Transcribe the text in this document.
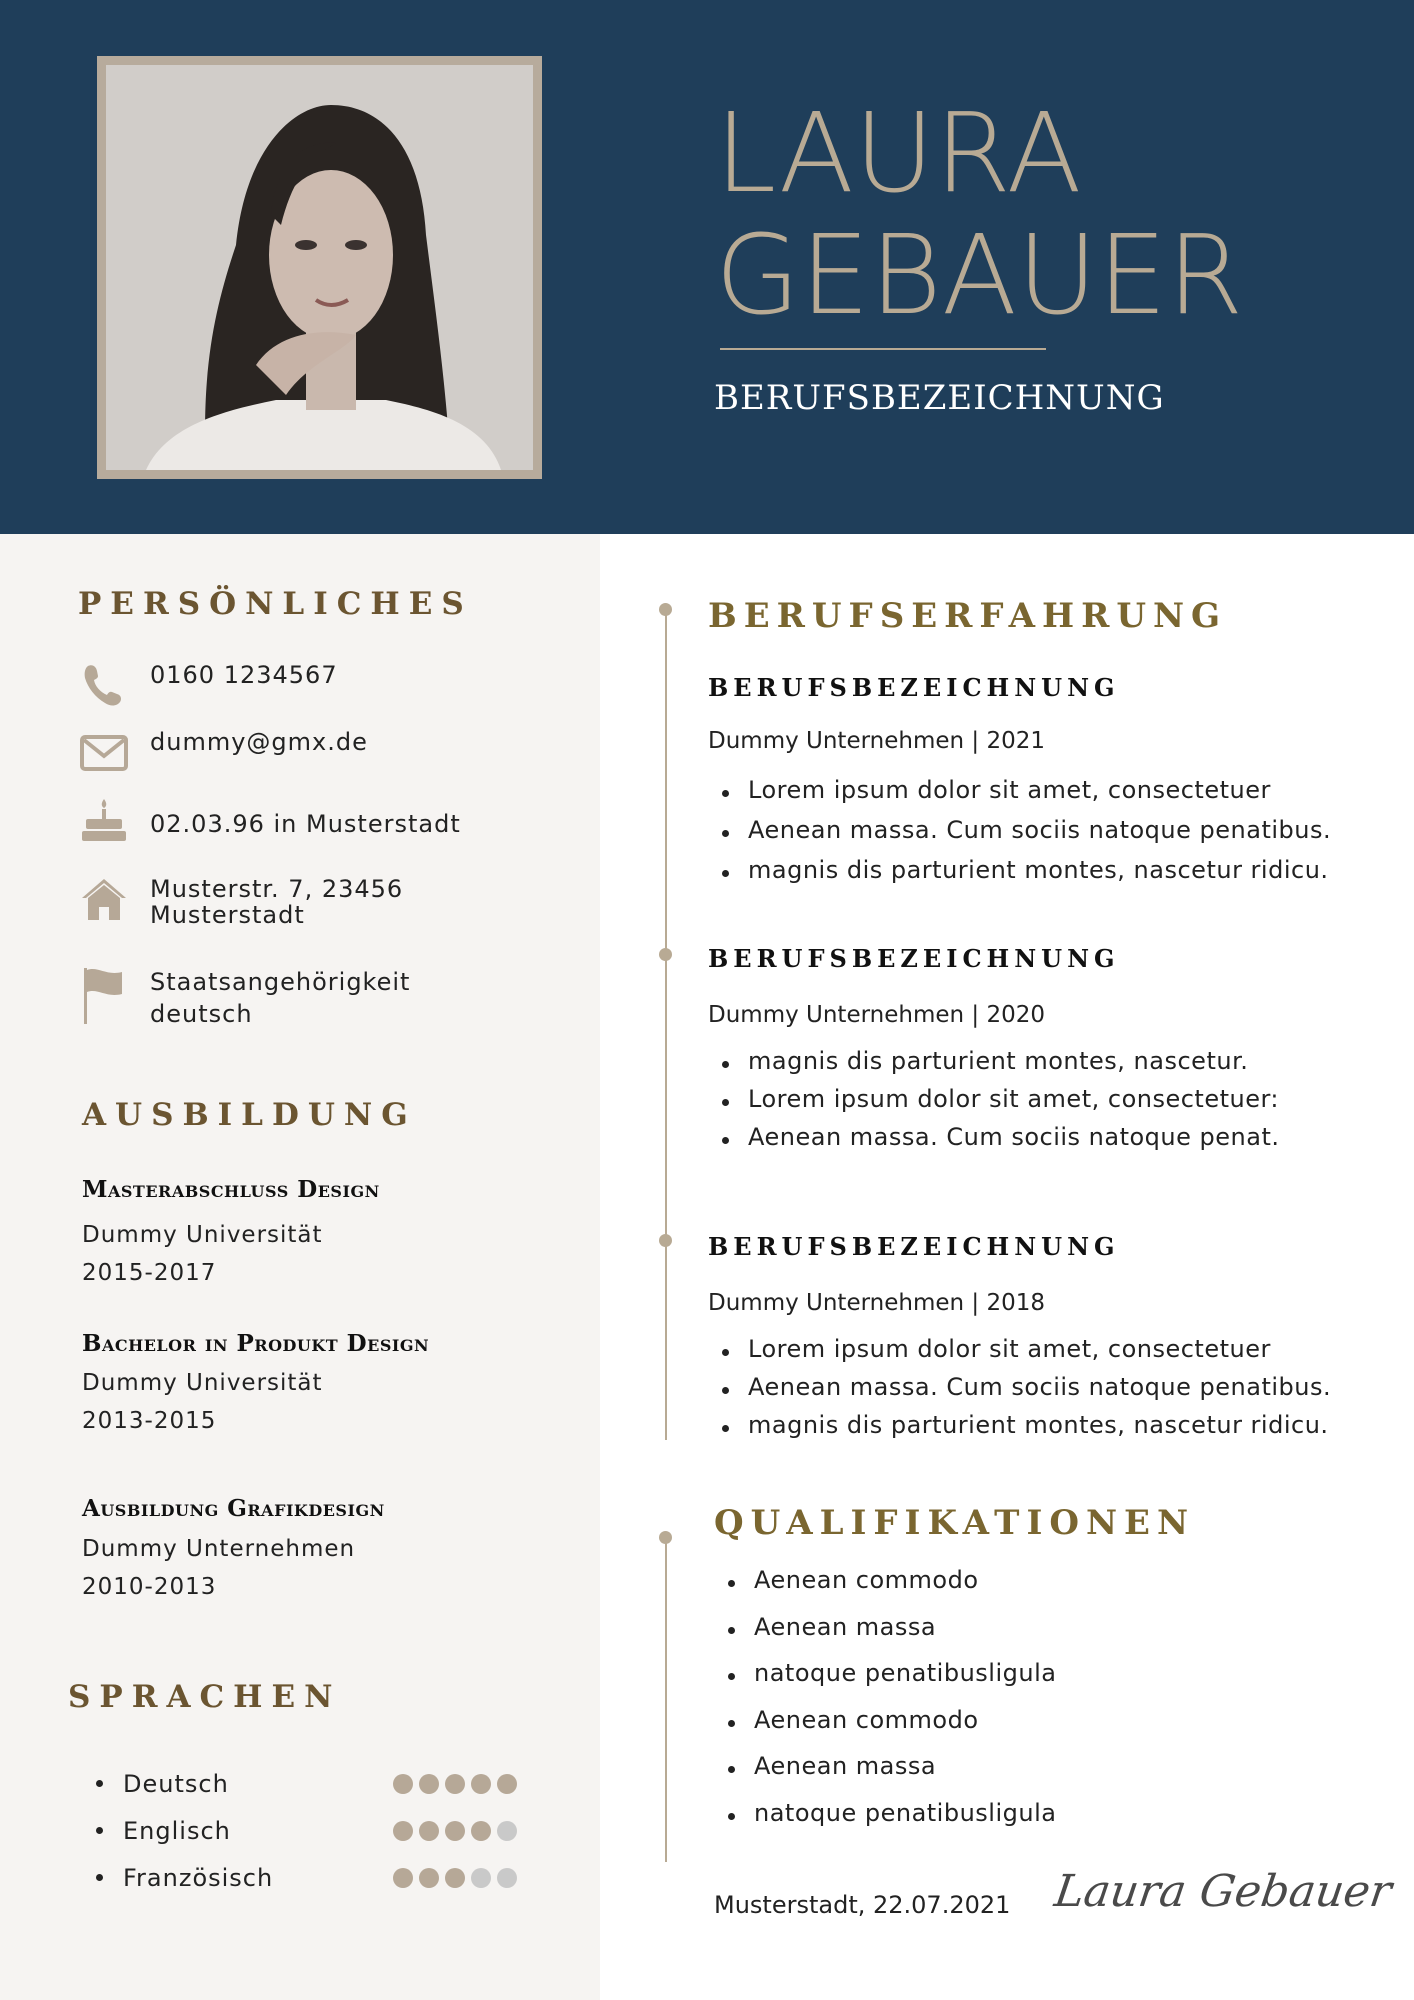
LAURA
GEBAUER
BERUFSBEZEICHNUNG
PERSÖNLICHES
0160 1234567
dummy@gmx.de
02.03.96 in Musterstadt
Musterstr. 7, 23456
Musterstadt
Staatsangehörigkeit
deutsch
AUSBILDUNG
Masterabschluss Design
Dummy Universität
2015-2017
Bachelor in Produkt Design
Dummy Universität
2013-2015
Ausbildung Grafikdesign
Dummy Unternehmen
2010-2013
SPRACHEN
Deutsch
Englisch
Französisch
BERUFSERFAHRUNG
BERUFSBEZEICHNUNG
Dummy Unternehmen | 2021
Lorem ipsum dolor sit amet, consectetuer
Aenean massa. Cum sociis natoque penatibus.
magnis dis parturient montes, nascetur ridicu.
BERUFSBEZEICHNUNG
Dummy Unternehmen | 2020
magnis dis parturient montes, nascetur.
Lorem ipsum dolor sit amet, consectetuer:
Aenean massa. Cum sociis natoque penat.
BERUFSBEZEICHNUNG
Dummy Unternehmen | 2018
Lorem ipsum dolor sit amet, consectetuer
Aenean massa. Cum sociis natoque penatibus.
magnis dis parturient montes, nascetur ridicu.
QUALIFIKATIONEN
Aenean commodo
Aenean massa
natoque penatibusligula
Aenean commodo
Aenean massa
natoque penatibusligula
Musterstadt, 22.07.2021 Laura Gebauer
